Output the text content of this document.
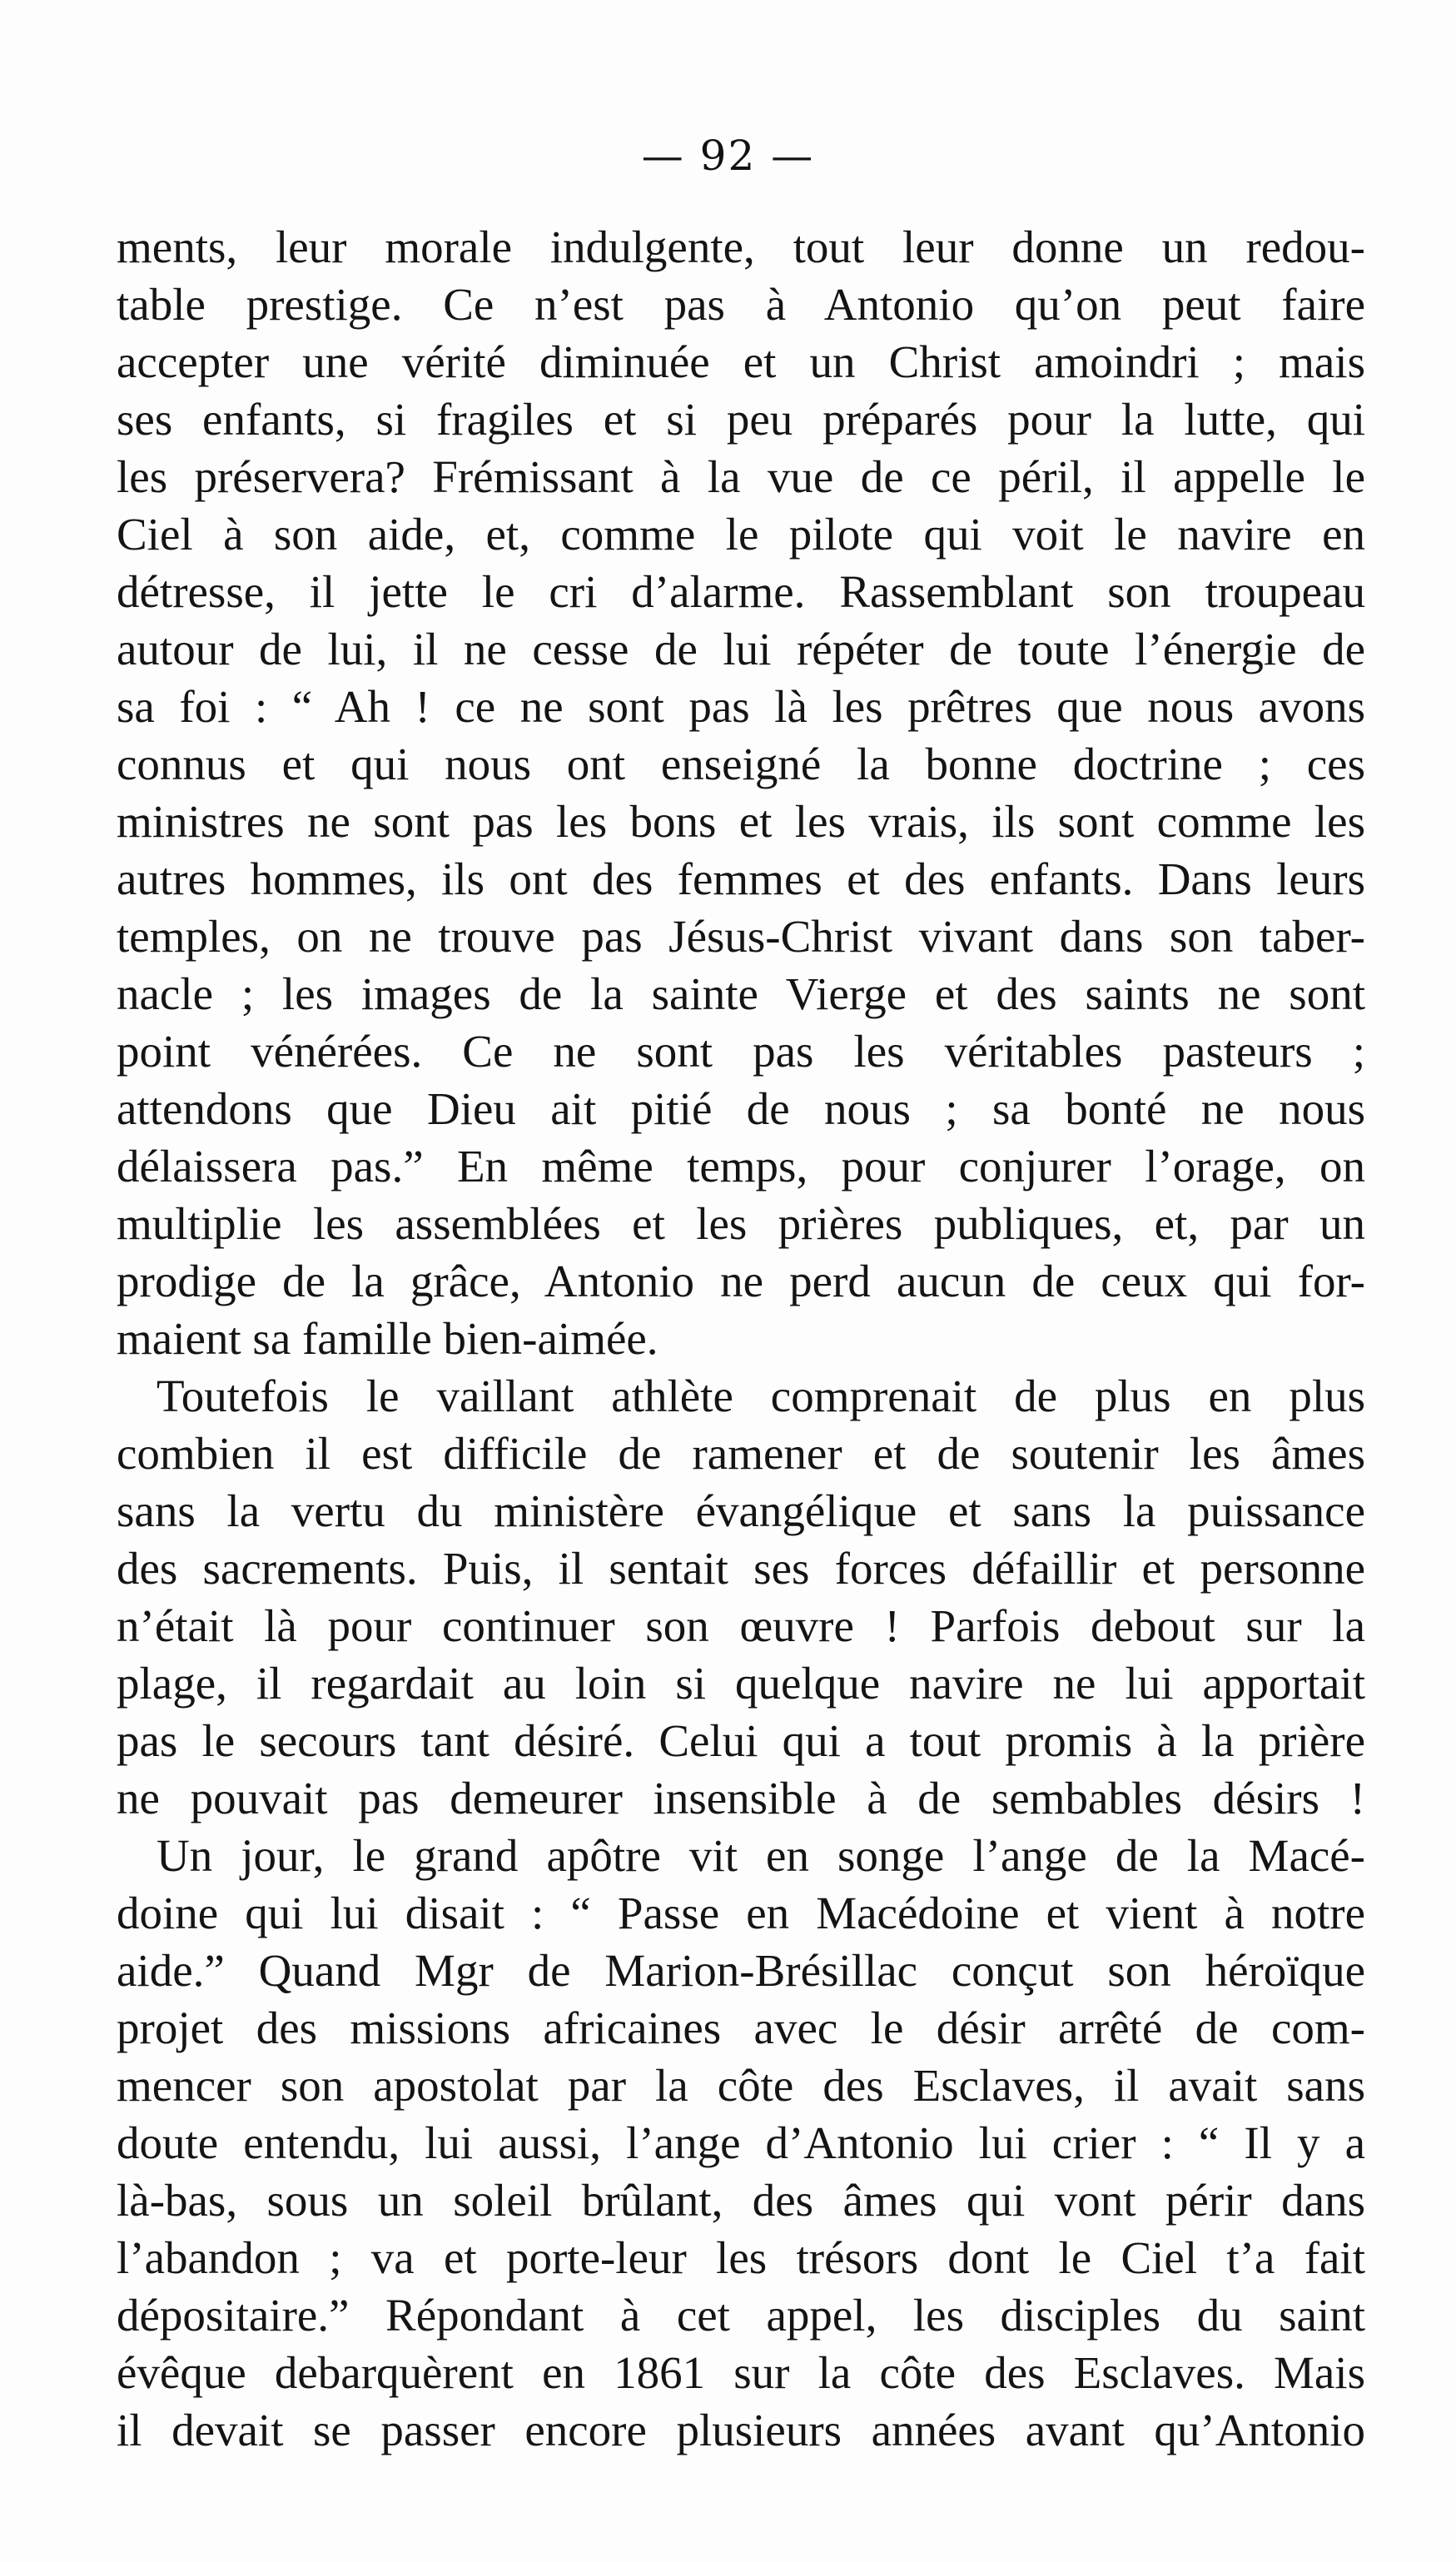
— 92 —
ments, leur morale indulgente, tout leur donne un redou-
table prestige. Ce n’est pas à Antonio qu’on peut faire
accepter une vérité diminuée et un Christ amoindri ; mais
ses enfants, si fragiles et si peu préparés pour la lutte, qui
les préservera? Frémissant à la vue de ce péril, il appelle le
Ciel à son aide, et, comme le pilote qui voit le navire en
détresse, il jette le cri d’alarme. Rassemblant son troupeau
autour de lui, il ne cesse de lui répéter de toute l’énergie de
sa foi : “ Ah ! ce ne sont pas là les prêtres que nous avons
connus et qui nous ont enseigné la bonne doctrine ; ces
ministres ne sont pas les bons et les vrais, ils sont comme les
autres hommes, ils ont des femmes et des enfants. Dans leurs
temples, on ne trouve pas Jésus-Christ vivant dans son taber-
nacle ; les images de la sainte Vierge et des saints ne sont
point vénérées. Ce ne sont pas les véritables pasteurs ;
attendons que Dieu ait pitié de nous ; sa bonté ne nous
délaissera pas.” En même temps, pour conjurer l’orage, on
multiplie les assemblées et les prières publiques, et, par un
prodige de la grâce, Antonio ne perd aucun de ceux qui for-
maient sa famille bien-aimée.
Toutefois le vaillant athlète comprenait de plus en plus
combien il est difficile de ramener et de soutenir les âmes
sans la vertu du ministère évangélique et sans la puissance
des sacrements. Puis, il sentait ses forces défaillir et personne
n’était là pour continuer son œuvre ! Parfois debout sur la
plage, il regardait au loin si quelque navire ne lui apportait
pas le secours tant désiré. Celui qui a tout promis à la prière
ne pouvait pas demeurer insensible à de sembables désirs !
Un jour, le grand apôtre vit en songe l’ange de la Macé-
doine qui lui disait : “ Passe en Macédoine et vient à notre
aide.” Quand Mgr de Marion-Brésillac conçut son héroïque
projet des missions africaines avec le désir arrêté de com-
mencer son apostolat par la côte des Esclaves, il avait sans
doute entendu, lui aussi, l’ange d’Antonio lui crier : “ Il y a
là-bas, sous un soleil brûlant, des âmes qui vont périr dans
l’abandon ; va et porte-leur les trésors dont le Ciel t’a fait
dépositaire.” Répondant à cet appel, les disciples du saint
évêque debarquèrent en 1861 sur la côte des Esclaves. Mais
il devait se passer encore plusieurs années avant qu’Antonio
